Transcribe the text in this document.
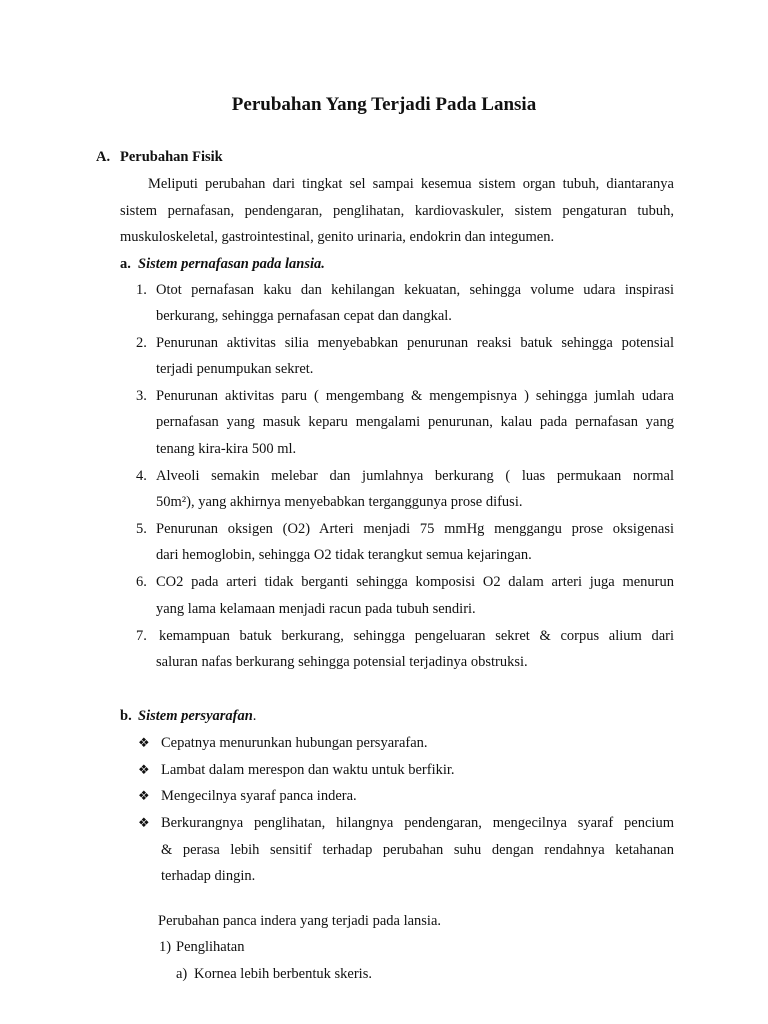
Perubahan Yang Terjadi Pada Lansia
A. Perubahan Fisik
Meliputi perubahan dari tingkat sel sampai kesemua sistem organ tubuh, diantaranya
sistem pernafasan, pendengaran, penglihatan, kardiovaskuler, sistem pengaturan tubuh,
muskuloskeletal, gastrointestinal, genito urinaria, endokrin dan integumen.
a. Sistem pernafasan pada lansia.
1. Otot pernafasan kaku dan kehilangan kekuatan, sehingga volume udara inspirasi
berkurang, sehingga pernafasan cepat dan dangkal.
2. Penurunan aktivitas silia menyebabkan penurunan reaksi batuk sehingga potensial
terjadi penumpukan sekret.
3. Penurunan aktivitas paru ( mengembang & mengempisnya ) sehingga jumlah udara
pernafasan yang masuk keparu mengalami penurunan, kalau pada pernafasan yang
tenang kira-kira 500 ml.
4. Alveoli semakin melebar dan jumlahnya berkurang ( luas permukaan normal
50m²), yang akhirnya menyebabkan terganggunya prose difusi.
5. Penurunan oksigen (O2) Arteri menjadi 75 mmHg menggangu prose oksigenasi
dari hemoglobin, sehingga O2 tidak terangkut semua kejaringan.
6. CO2 pada arteri tidak berganti sehingga komposisi O2 dalam arteri juga menurun
yang lama kelamaan menjadi racun pada tubuh sendiri.
7. kemampuan batuk berkurang, sehingga pengeluaran sekret & corpus alium dari
saluran nafas berkurang sehingga potensial terjadinya obstruksi.
b. Sistem persyarafan.
❖ Cepatnya menurunkan hubungan persyarafan.
❖ Lambat dalam merespon dan waktu untuk berfikir.
❖ Mengecilnya syaraf panca indera.
❖ Berkurangnya penglihatan, hilangnya pendengaran, mengecilnya syaraf pencium
& perasa lebih sensitif terhadap perubahan suhu dengan rendahnya ketahanan
terhadap dingin.
Perubahan panca indera yang terjadi pada lansia.
1) Penglihatan
a) Kornea lebih berbentuk skeris.
